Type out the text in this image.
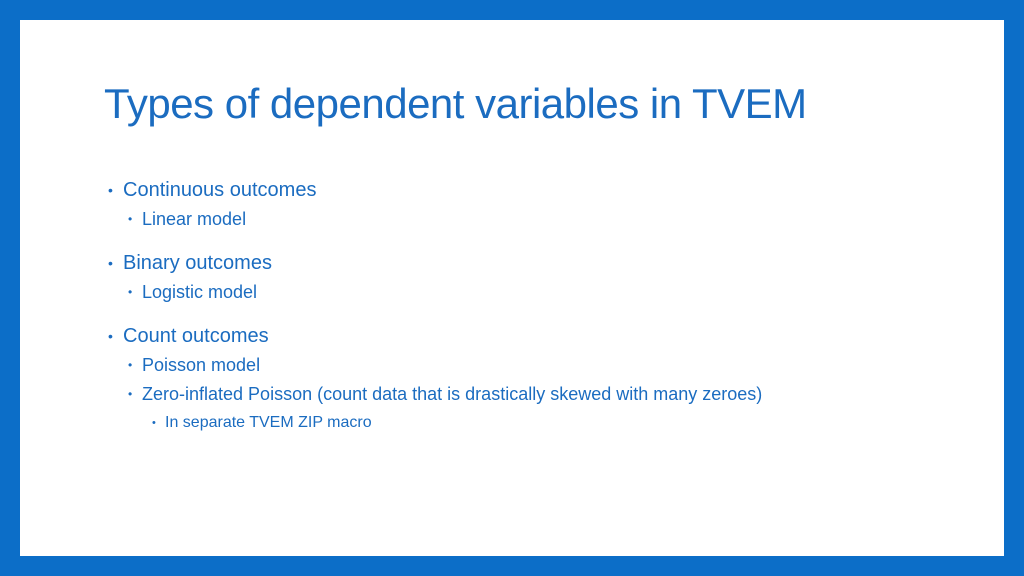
Types of dependent variables in TVEM
• Continuous outcomes
• Linear model
• Binary outcomes
• Logistic model
• Count outcomes
• Poisson model
• Zero-inflated Poisson (count data that is drastically skewed with many zeroes)
• In separate TVEM ZIP macro
